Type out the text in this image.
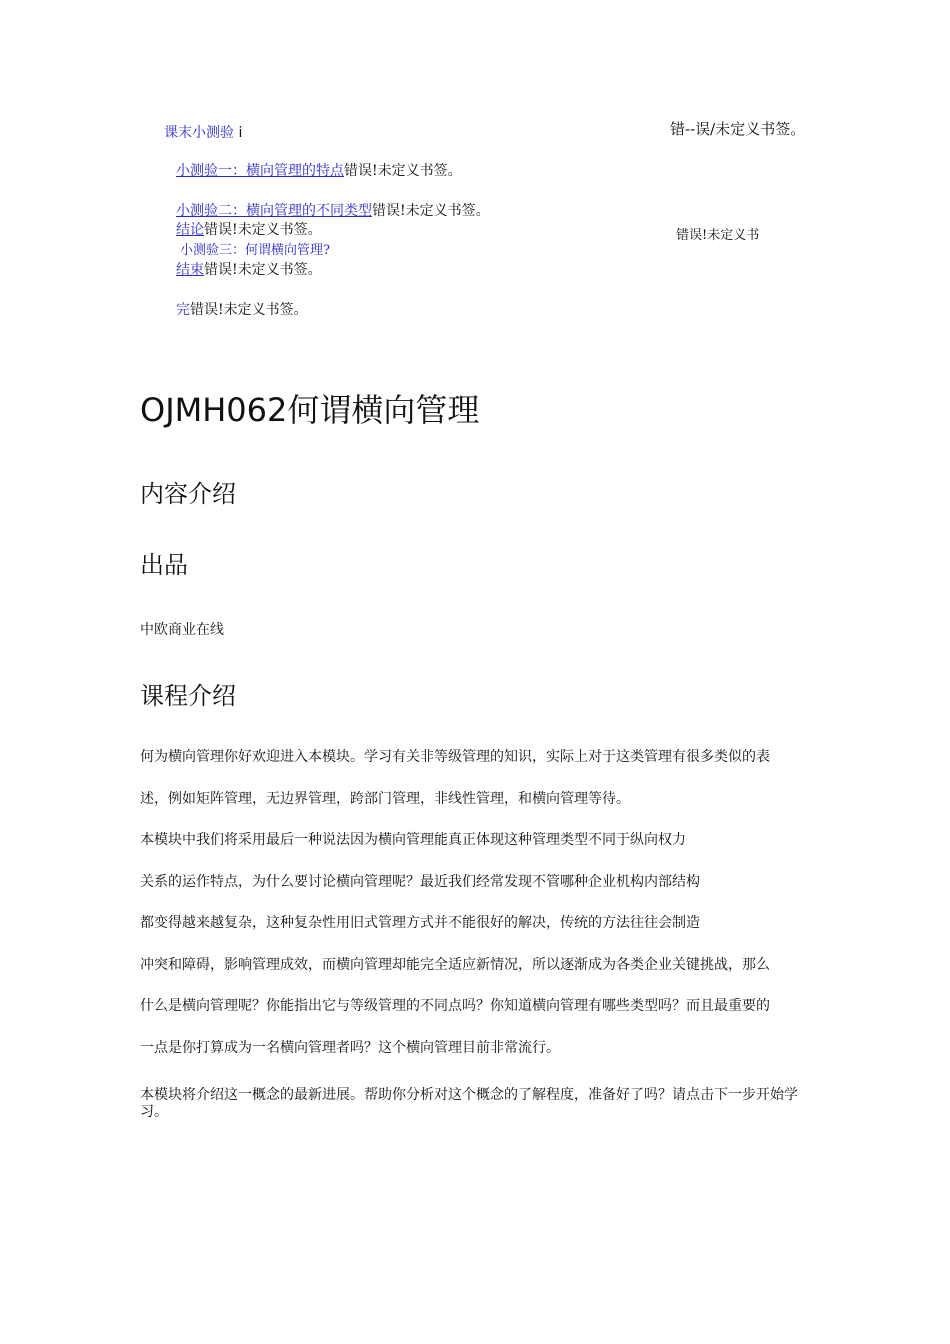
课末小测验 i	错--误/未定义书签。
小测验一：横向管理的特点错误!未定义书签。
小测验二：横向管理的不同类型错误!未定义书签。
结论错误!未定义书签。	错误!未定义书
小测验三：何谓横向管理?
结束错误!未定义书签。
完错误!未定义书签。
OJMH062何谓横向管理
内容介绍
出品
中欧商业在线
课程介绍
何为横向管理你好欢迎进入本模块。学习有关非等级管理的知识，实际上对于这类管理有很多类似的表
述，例如矩阵管理，无边界管理，跨部门管理，非线性管理，和横向管理等待。
本模块中我们将采用最后一种说法因为横向管理能真正体现这种管理类型不同于纵向权力
关系的运作特点，为什么要讨论横向管理呢？最近我们经常发现不管哪种企业机构内部结构
都变得越来越复杂，这种复杂性用旧式管理方式并不能很好的解决，传统的方法往往会制造
冲突和障碍，影响管理成效，而横向管理却能完全适应新情况，所以逐渐成为各类企业关键挑战，那么
什么是横向管理呢？你能指出它与等级管理的不同点吗？你知道横向管理有哪些类型吗？而且最重要的
一点是你打算成为一名横向管理者吗？这个横向管理目前非常流行。
本模块将介绍这一概念的最新进展。帮助你分析对这个概念的了解程度，准备好了吗？请点击下一步开始学习。
